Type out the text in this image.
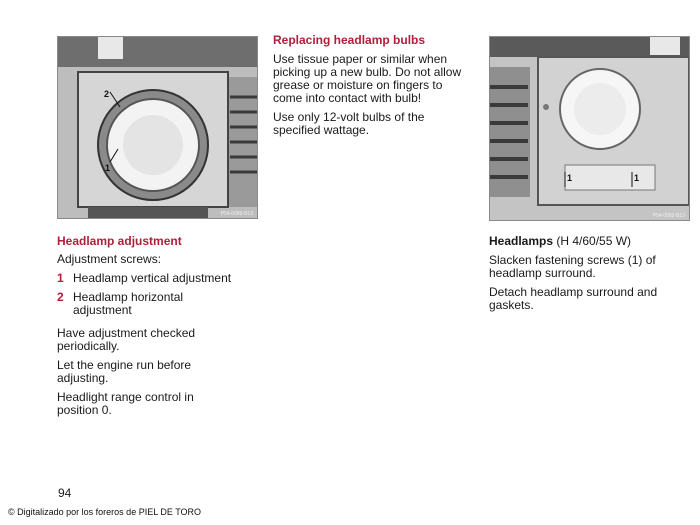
2
1
P54-0089-B13
1	1
P54-0092-B13
Replacing headlamp bulbs
Use tissue paper or similar when picking up a new bulb. Do not allow grease or moisture on fingers to come into contact with bulb!
Use only 12-volt bulbs of the specified wattage.
Headlamp adjustment
Adjustment screws:
1 Headlamp vertical adjustment
2 Headlamp horizontal adjustment
Have adjustment checked periodically.
Let the engine run before adjusting.
Headlight range control in position 0.
Headlamps (H 4/60/55 W)
Slacken fastening screws (1) of headlamp surround.
Detach headlamp surround and gaskets.
94
© Digitalizado por los foreros de PIEL DE TORO
